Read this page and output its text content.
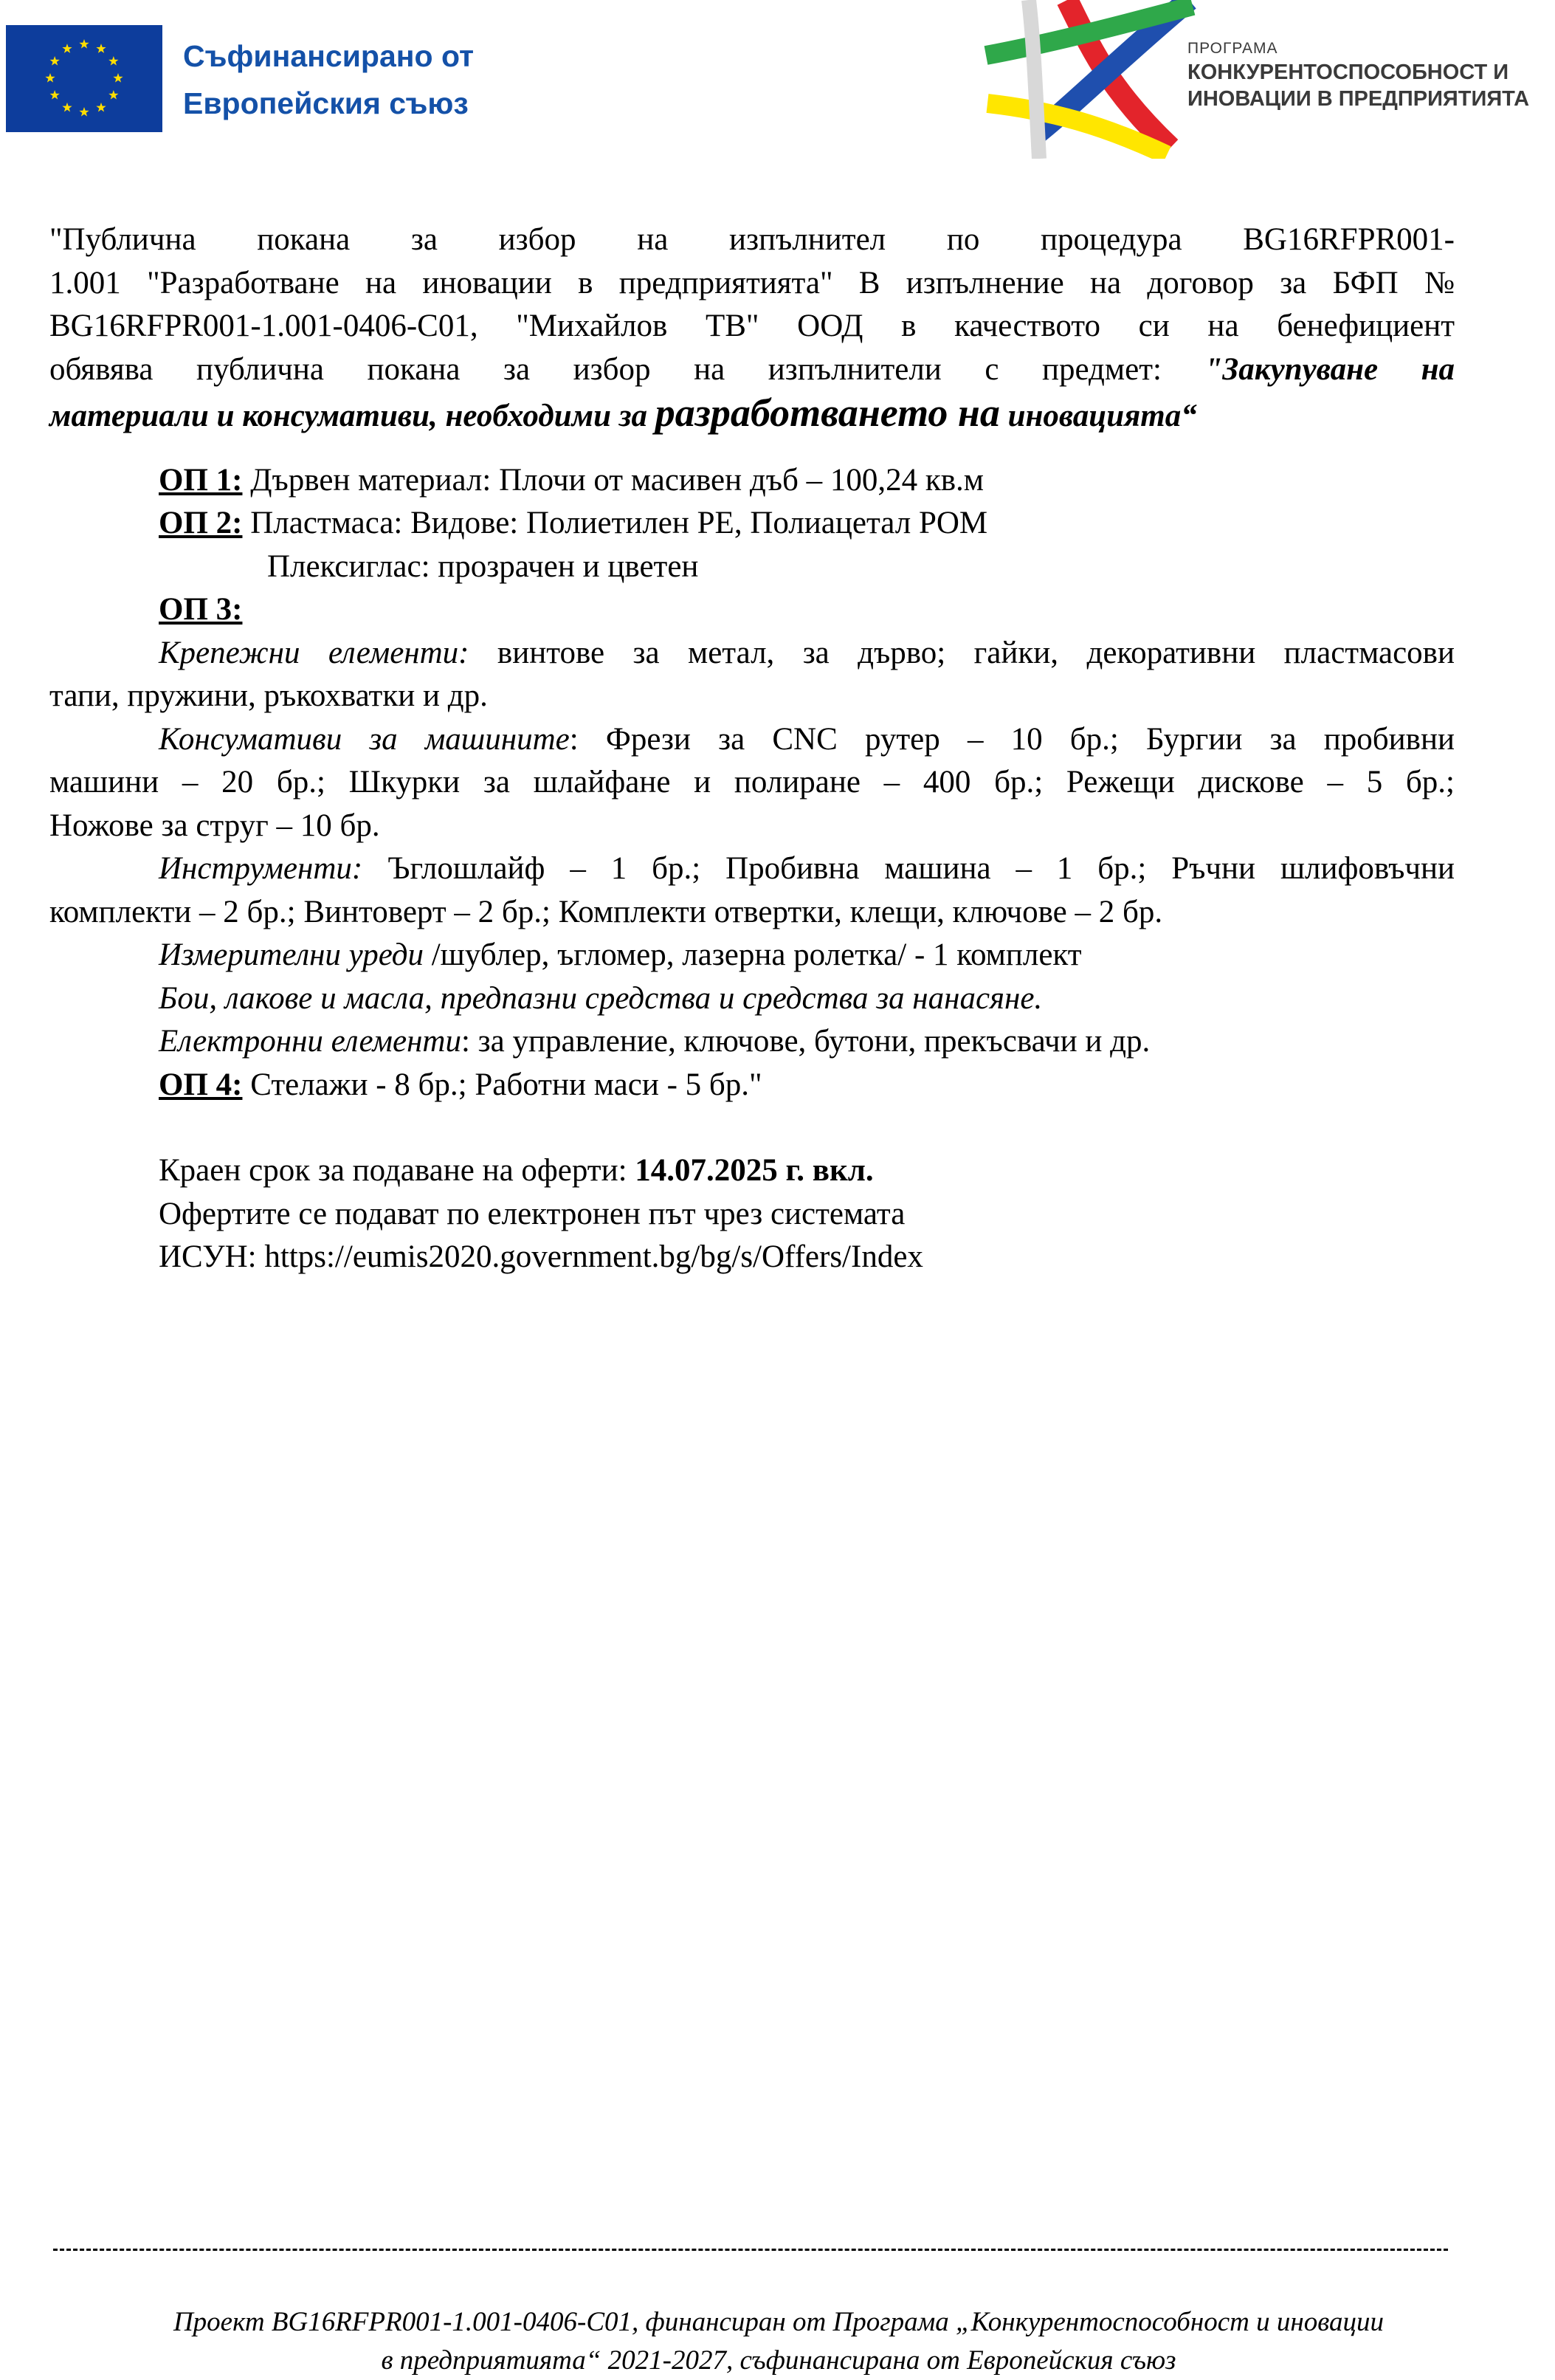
Съфинансирано от
Европейския съюз
ПРОГРАМА
КОНКУРЕНТОСПОСОБНОСТ И
ИНОВАЦИИ В ПРЕДПРИЯТИЯТА

"Публична покана за избор на изпълнител по процедура BG16RFPR001-

1.001 "Разработване на иновации в предприятията" В изпълнение на договор за БФП №

BG16RFPR001-1.001-0406-C01, "Михайлов ТВ" ООД в качеството си на бенефициент

обявява публична покана за избор на изпълнители с предмет: "Закупуване на

материали и консумативи, необходими за разработването на иновацията“

ОП 1: Дървен материал: Плочи от масивен дъб – 100,24 кв.м

ОП 2: Пластмаса: Видове: Полиетилен PE, Полиацетал POM

Плексиглас: прозрачен и цветен

ОП 3:

Крепежни елементи: винтове за метал, за дърво; гайки, декоративни пластмасови

тапи, пружини, ръкохватки и др.

Консумативи за машините: Фрези за CNC рутер – 10 бр.; Бургии за пробивни

машини – 20 бр.; Шкурки за шлайфане и полиране – 400 бр.; Режещи дискове – 5 бр.;

Ножове за струг – 10 бр.

Инструменти: Ъглошлайф – 1 бр.; Пробивна машина – 1 бр.; Ръчни шлифовъчни

комплекти – 2 бр.; Винтоверт – 2 бр.; Комплекти отвертки, клещи, ключове – 2 бр.

Измерителни уреди /шублер, ъгломер, лазерна ролетка/ - 1 комплект

Бои, лакове и масла, предпазни средства и средства за нанасяне.

Електронни елементи: за управление, ключове, бутони, прекъсвачи и др.

ОП 4: Стелажи - 8 бр.; Работни маси - 5 бр."

Краен срок за подаване на оферти: 14.07.2025 г. вкл.

Офертите се подават по електронен път чрез системата

ИСУН: https://eumis2020.government.bg/bg/s/Offers/Index

Проект BG16RFPR001-1.001-0406-C01, финансиран от Програма „Конкурентоспособност и иновации
в предприятията“ 2021-2027, съфинансирана от Европейския съюз
